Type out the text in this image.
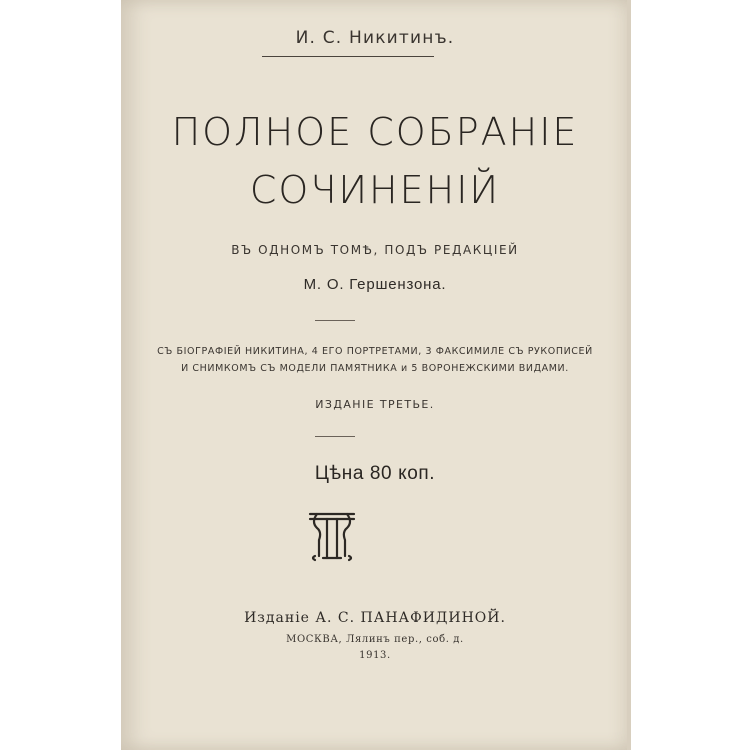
И. С. Никитинъ.
ПОЛНОЕ СОБРАНІЕ
СОЧИНЕНІЙ
ВЪ ОДНОМЪ ТОМѢ, ПОДЪ РЕДАКЦІЕЙ
М. О. Гершензона.
СЪ БІОГРАФІЕЙ НИКИТИНА, 4 ЕГО ПОРТРЕТАМИ, 3 ФАКСИМИЛЕ СЪ РУКОПИСЕЙ
И СНИМКОМЪ СЪ МОДЕЛИ ПАМЯТНИКА и 5 ВОРОНЕЖСКИМИ ВИДАМИ.
ИЗДАНІЕ ТРЕТЬЕ.
Цѣна 80 коп.
Изданіе А. С. ПАНАФИДИНОЙ.
МОСКВА, Лялинъ пер., соб. д.
1913.
